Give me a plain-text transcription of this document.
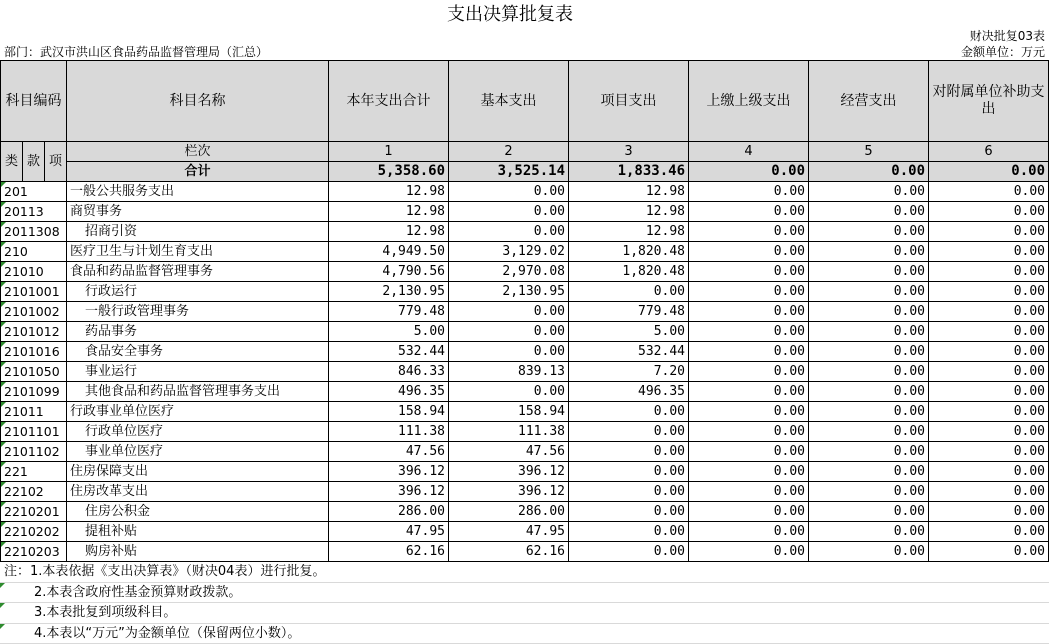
支出决算批复表
财决批复03表
部门：武汉市洪山区食品药品监督管理局（汇总）	金额单位：万元
科目编码			科目名称	本年支出合计	基本支出	项目支出	上缴上级支出	经营支出	对附属单位补助支出
类	款	项	栏次	1	2	3	4	5	6
			合计	5,358.60	3,525.14	1,833.46	0.00	0.00	0.00

201			一般公共服务支出	12.98	0.00	12.98	0.00	0.00	0.00

20113			商贸事务	12.98	0.00	12.98	0.00	0.00	0.00

2011308			招商引资	12.98	0.00	12.98	0.00	0.00	0.00

210			医疗卫生与计划生育支出	4,949.50	3,129.02	1,820.48	0.00	0.00	0.00

21010			食品和药品监督管理事务	4,790.56	2,970.08	1,820.48	0.00	0.00	0.00

2101001			行政运行	2,130.95	2,130.95	0.00	0.00	0.00	0.00

2101002			一般行政管理事务	779.48	0.00	779.48	0.00	0.00	0.00

2101012			药品事务	5.00	0.00	5.00	0.00	0.00	0.00

2101016			食品安全事务	532.44	0.00	532.44	0.00	0.00	0.00

2101050			事业运行	846.33	839.13	7.20	0.00	0.00	0.00

2101099			其他食品和药品监督管理事务支出	496.35	0.00	496.35	0.00	0.00	0.00

21011			行政事业单位医疗	158.94	158.94	0.00	0.00	0.00	0.00

2101101			行政单位医疗	111.38	111.38	0.00	0.00	0.00	0.00

2101102			事业单位医疗	47.56	47.56	0.00	0.00	0.00	0.00

221			住房保障支出	396.12	396.12	0.00	0.00	0.00	0.00

22102			住房改革支出	396.12	396.12	0.00	0.00	0.00	0.00

2210201			住房公积金	286.00	286.00	0.00	0.00	0.00	0.00

2210202			提租补贴	47.95	47.95	0.00	0.00	0.00	0.00

2210203			购房补贴	62.16	62.16	0.00	0.00	0.00	0.00
注：1.本表依据《支出决算表》（财决04表）进行批复。
2.本表含政府性基金预算财政拨款。
3.本表批复到项级科目。
4.本表以“万元”为金额单位（保留两位小数）。
